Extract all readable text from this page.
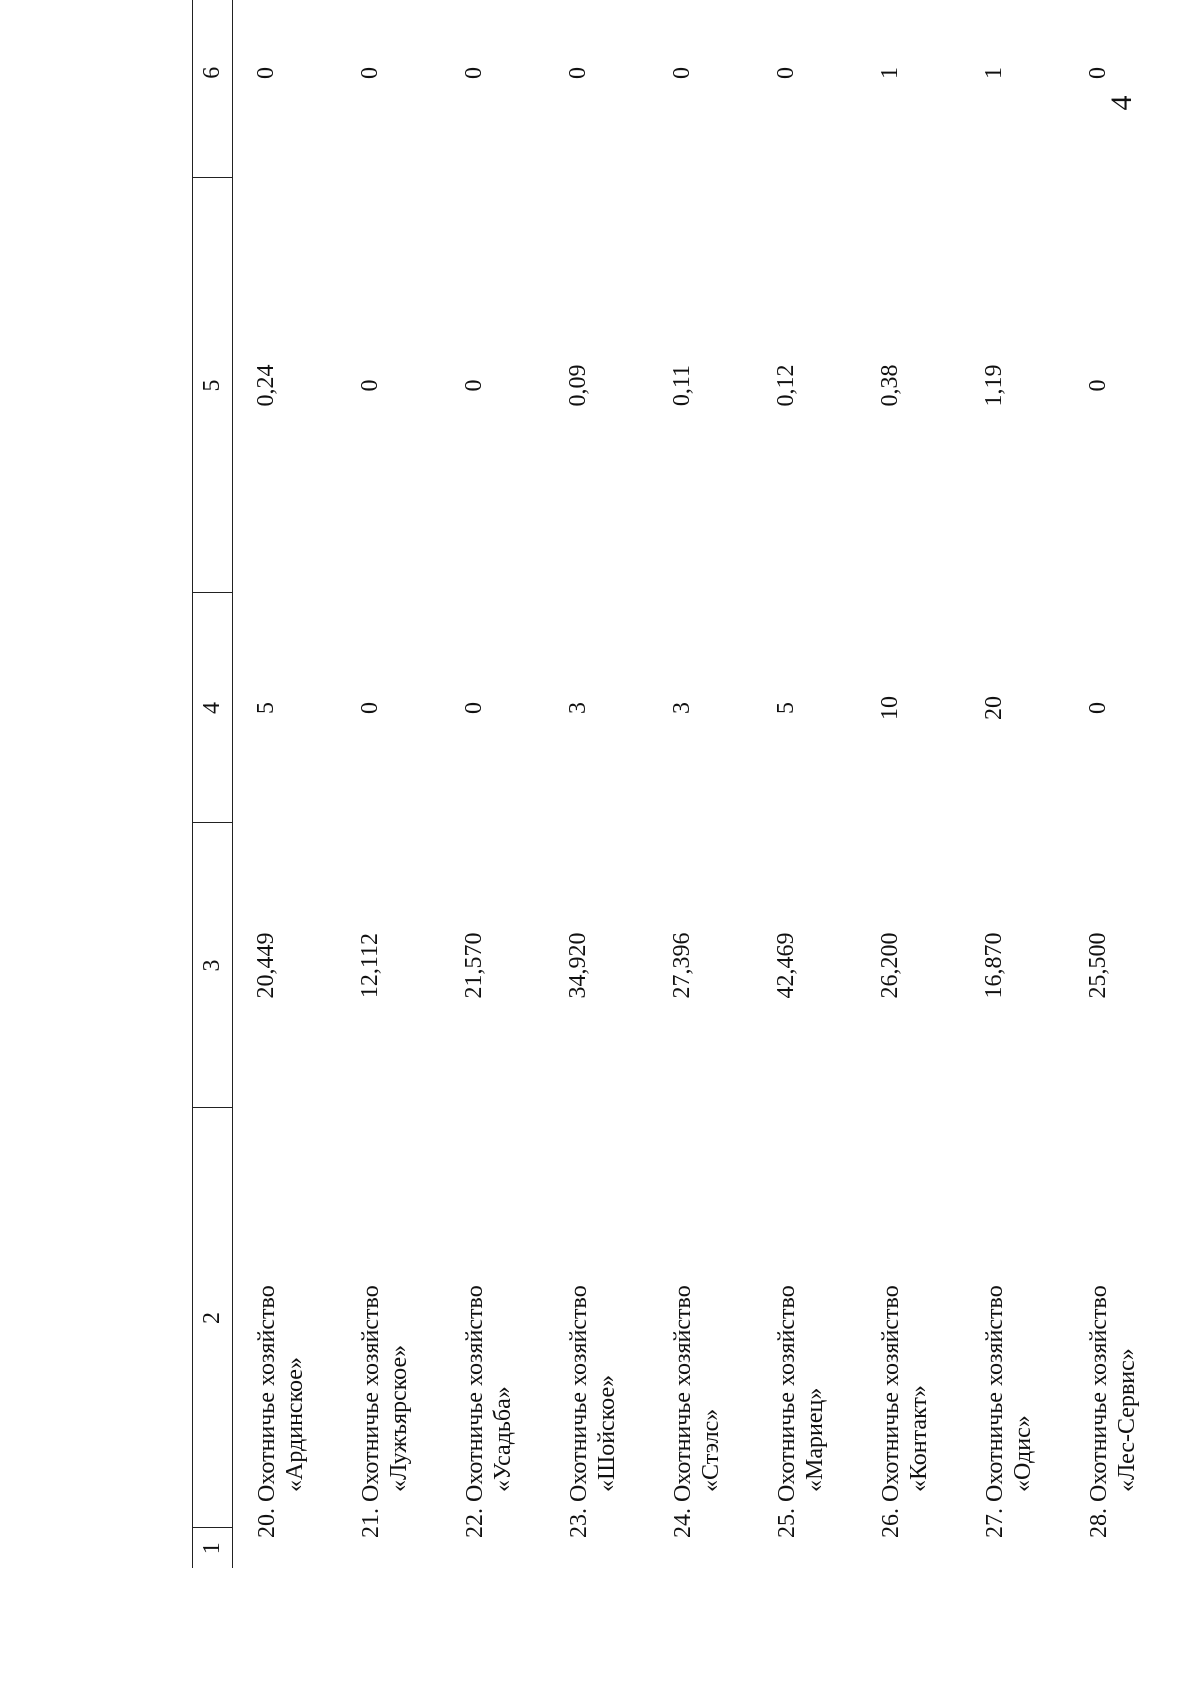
4
1	2	3	4	5	6

20. Охотничье хозяйство «Ардинское»		20,449	5	0,24	0

21. Охотничье хозяйство «Лужъярское»		12,112	0	0	0

22. Охотничье хозяйство «Усадьба»		21,570	0	0	0

23. Охотничье хозяйство «Шойское»		34,920	3	0,09	0

24. Охотничье хозяйство «Стэлс»		27,396	3	0,11	0

25. Охотничье хозяйство «Мариец»		42,469	5	0,12	0

26. Охотничье хозяйство «Контакт»		26,200	10	0,38	1

27. Охотничье хозяйство «Одис»		16,870	20	1,19	1

28. Охотничье хозяйство «Лес-Сервис»		25,500	0	0	0
